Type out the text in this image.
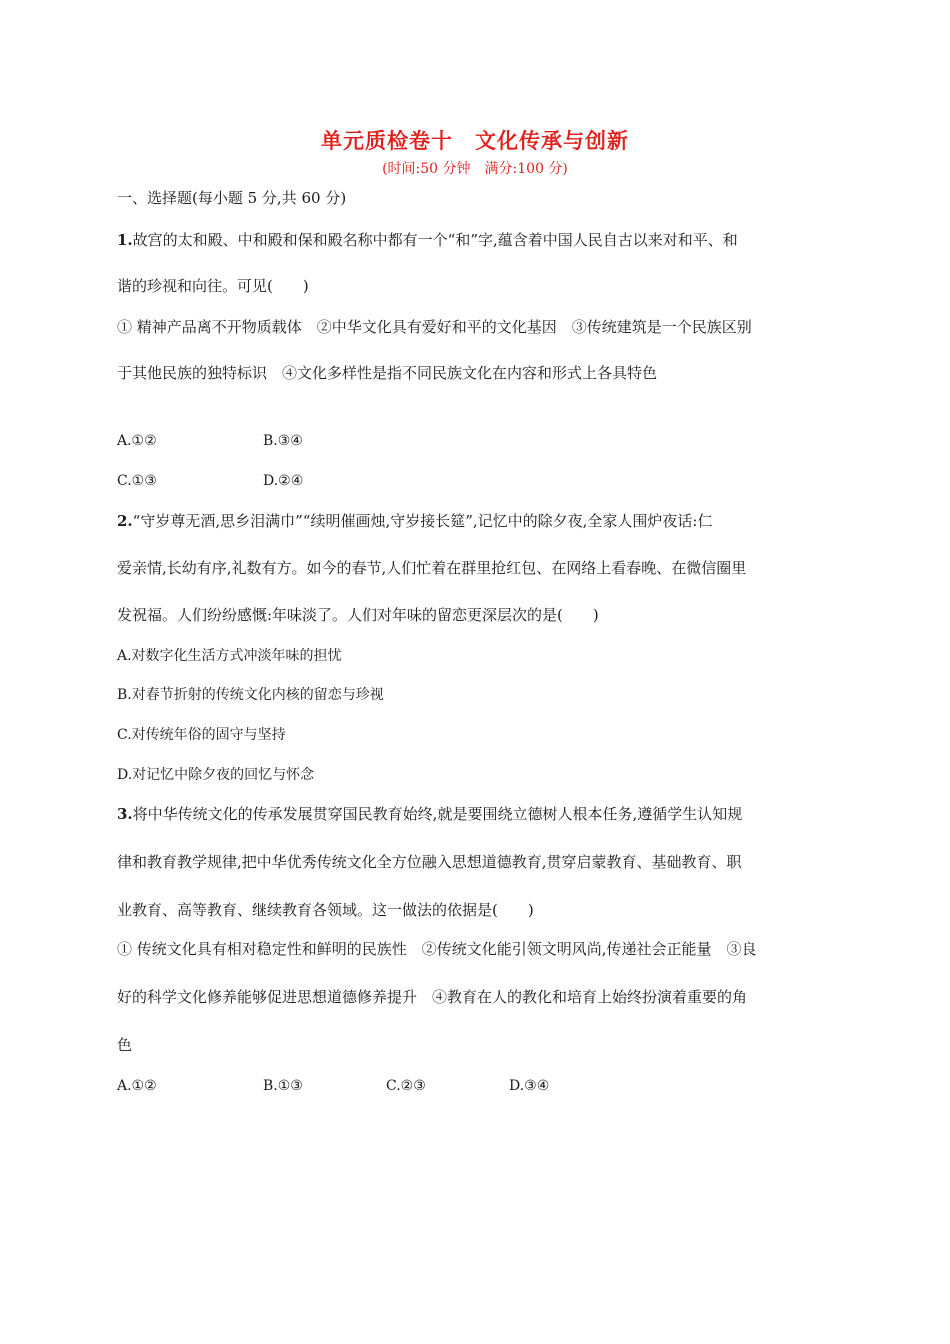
单元质检卷十　文化传承与创新
(时间:50 分钟　满分:100 分)
一、选择题(每小题 5 分,共 60 分)
1.故宫的太和殿、中和殿和保和殿名称中都有一个“和”字,蕴含着中国人民自古以来对和平、和
谐的珍视和向往。可见(　　)
① 精神产品离不开物质载体　②中华文化具有爱好和平的文化基因　③传统建筑是一个民族区别
于其他民族的独特标识　④文化多样性是指不同民族文化在内容和形式上各具特色
A.①②	B.③④
C.①③	D.②④
2.“守岁尊无酒,思乡泪满巾”“续明催画烛,守岁接长筵”,记忆中的除夕夜,全家人围炉夜话:仁
爱亲情,长幼有序,礼数有方。如今的春节,人们忙着在群里抢红包、在网络上看春晚、在微信圈里
发祝福。人们纷纷感慨:年味淡了。人们对年味的留恋更深层次的是(　　)
A.对数字化生活方式冲淡年味的担忧
B.对春节折射的传统文化内核的留恋与珍视
C.对传统年俗的固守与坚持
D.对记忆中除夕夜的回忆与怀念
3.将中华传统文化的传承发展贯穿国民教育始终,就是要围绕立德树人根本任务,遵循学生认知规
律和教育教学规律,把中华优秀传统文化全方位融入思想道德教育,贯穿启蒙教育、基础教育、职
业教育、高等教育、继续教育各领域。这一做法的依据是(　　)
① 传统文化具有相对稳定性和鲜明的民族性　②传统文化能引领文明风尚,传递社会正能量　③良
好的科学文化修养能够促进思想道德修养提升　④教育在人的教化和培育上始终扮演着重要的角
色
A.①②	B.①③	C.②③	D.③④
